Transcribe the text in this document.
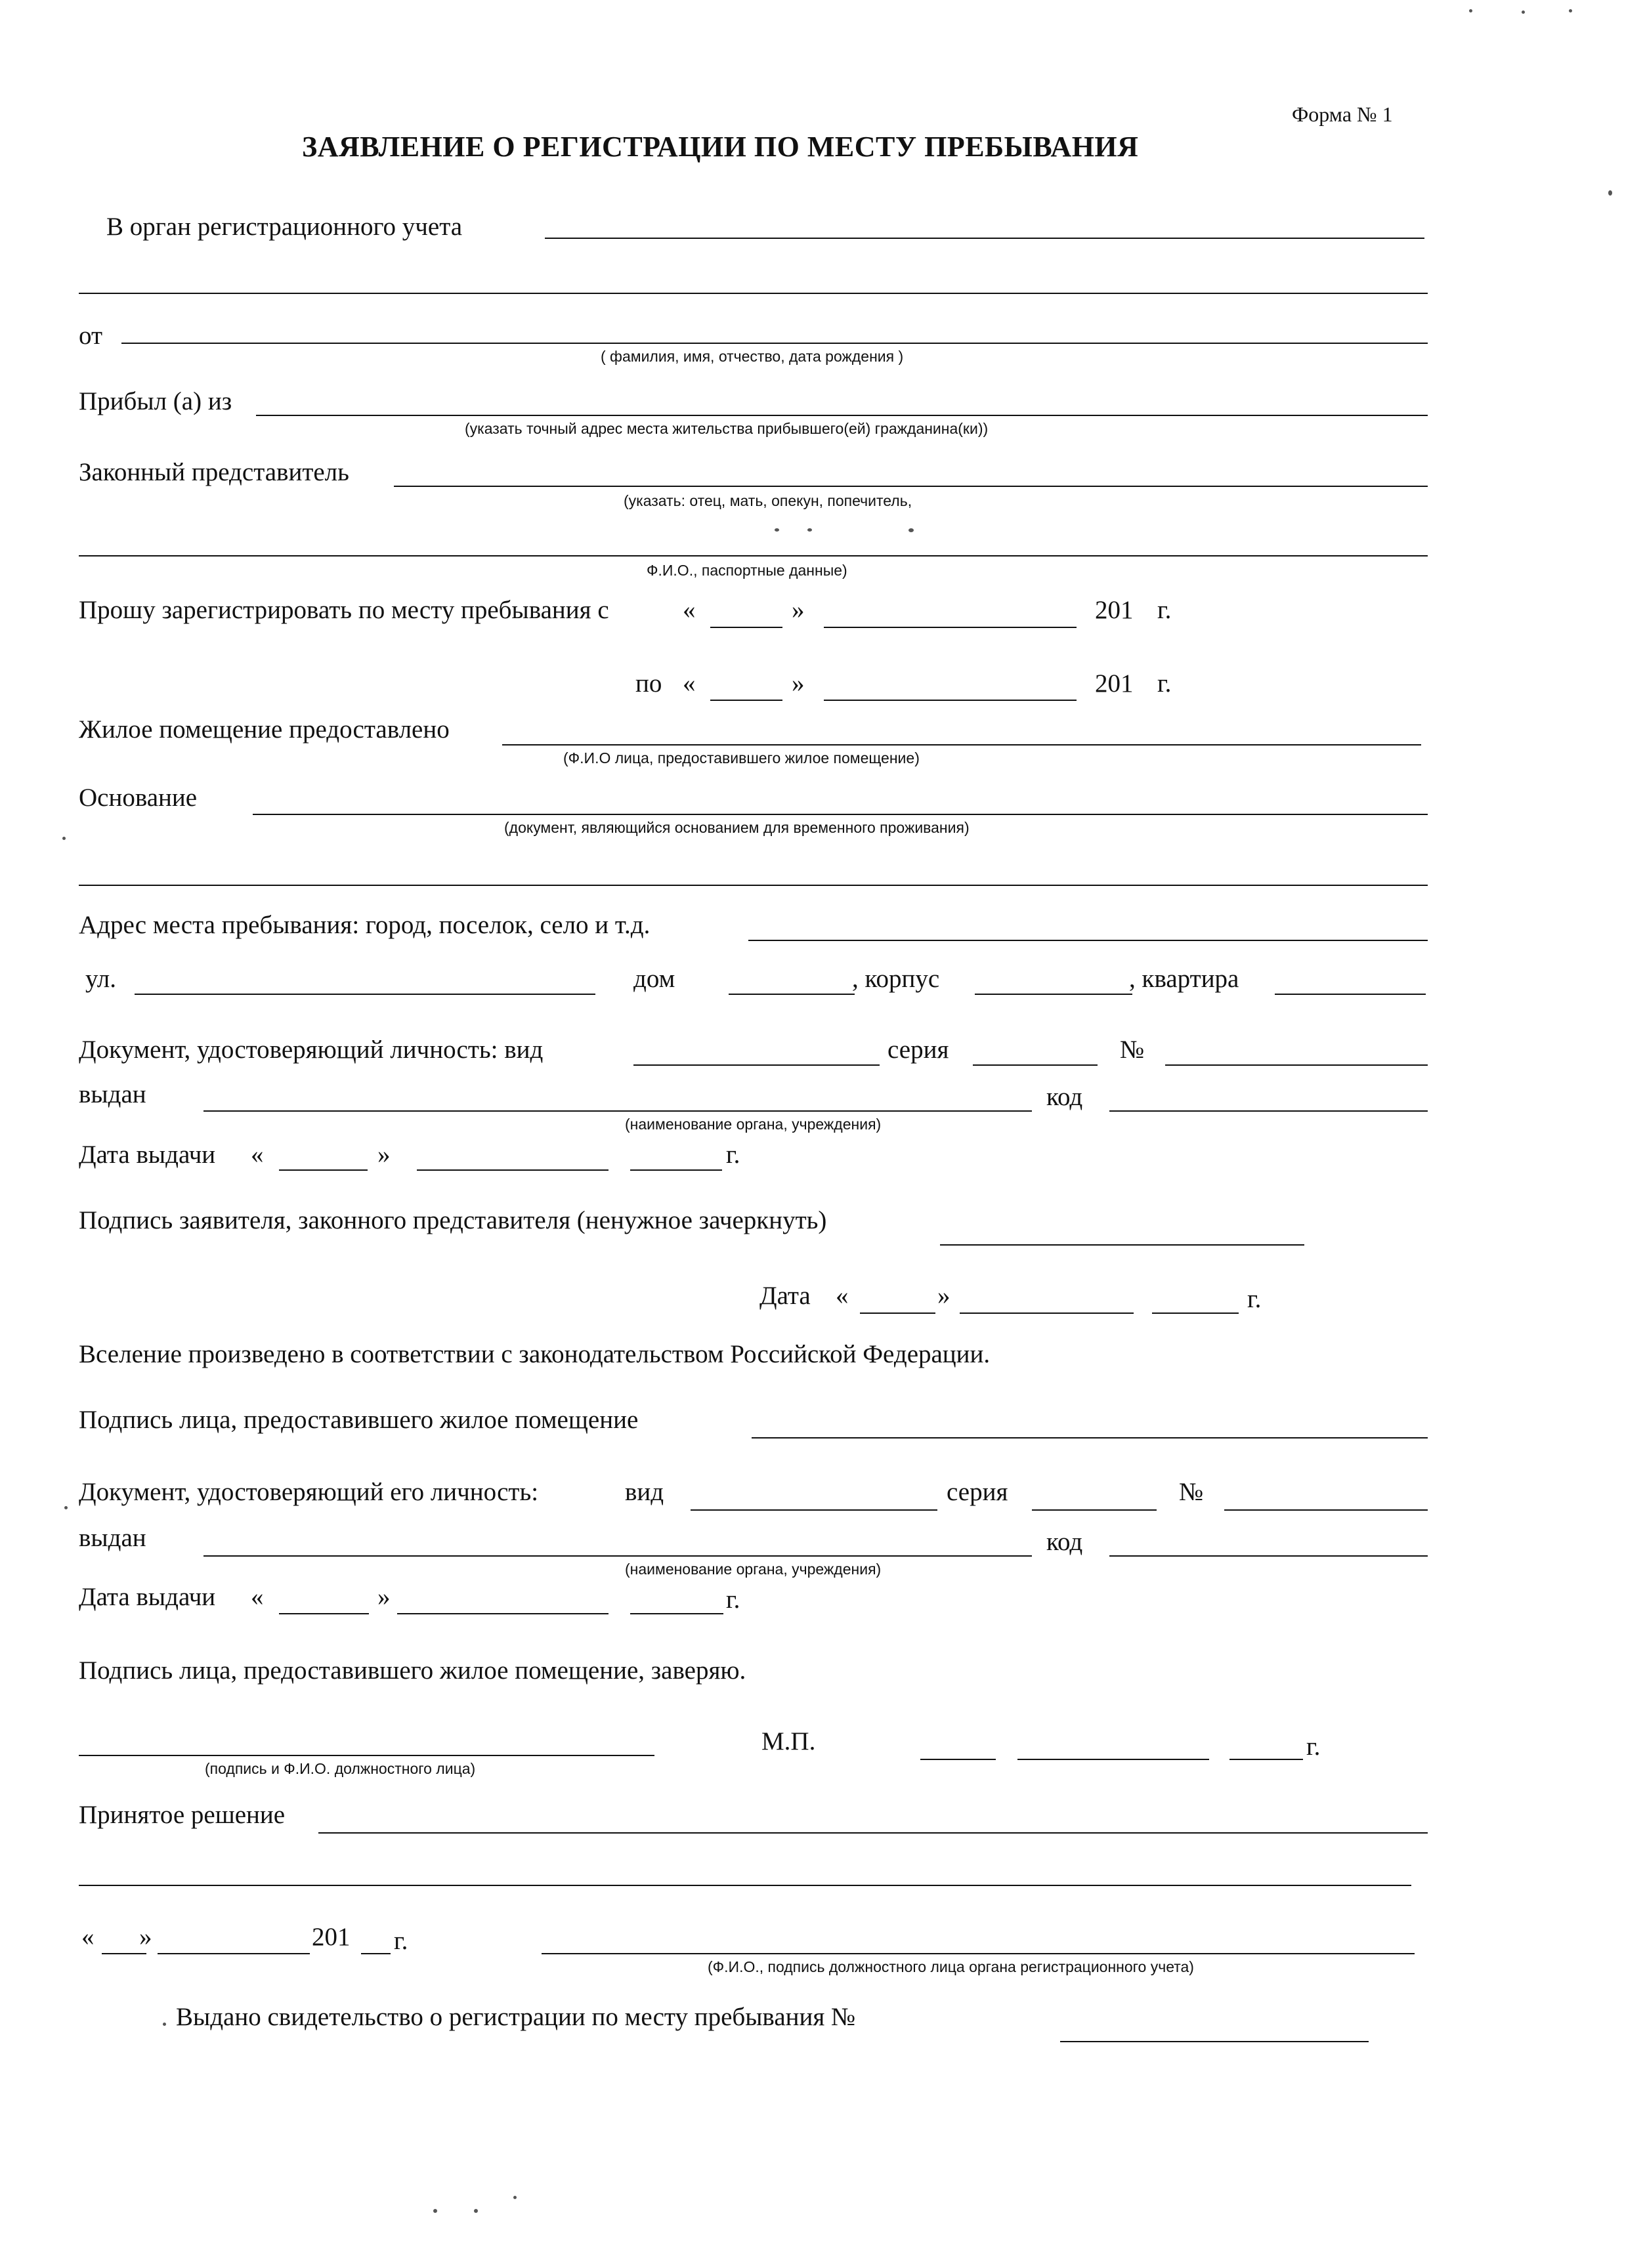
Форма № 1
ЗАЯВЛЕНИЕ О РЕГИСТРАЦИИ ПО МЕСТУ ПРЕБЫВАНИЯ
В орган регистрационного учета
от
( фамилия, имя, отчество, дата рождения )
Прибыл (а) из
(указать точный адрес места жительства прибывшего(ей) гражданина(ки))
Законный представитель
(указать: отец, мать, опекун, попечитель,
Ф.И.О., паспортные данные)
Прошу зарегистрировать по месту пребывания с	«	»	201 г.
по «	»	201 г.
Жилое помещение предоставлено
(Ф.И.О лица, предоставившего жилое помещение)
Основание
(документ, являющийся основанием для временного проживания)
Адрес места пребывания: город, поселок, село и т.д.
ул.	дом	, корпус	, квартира
Документ, удостоверяющий личность: вид	серия	№
выдан
(наименование органа, учреждения)
код
Дата выдачи «	»	г.
Подпись заявителя, законного представителя (ненужное зачеркнуть)
Дата «	»	г.
Вселение произведено в соответствии с законодательством Российской Федерации.
Подпись лица, предоставившего жилое помещение
Документ, удостоверяющий его личность:	вид	серия	№
выдан
(наименование органа, учреждения)
код
Дата выдачи «	»	г.
Подпись лица, предоставившего жилое помещение, заверяю.
(подпись и Ф.И.О. должностного лица)
М.П.	г.
Принятое решение
« »	201 г.
(Ф.И.О., подпись должностного лица органа регистрационного учета)
Выдано свидетельство о регистрации по месту пребывания №
